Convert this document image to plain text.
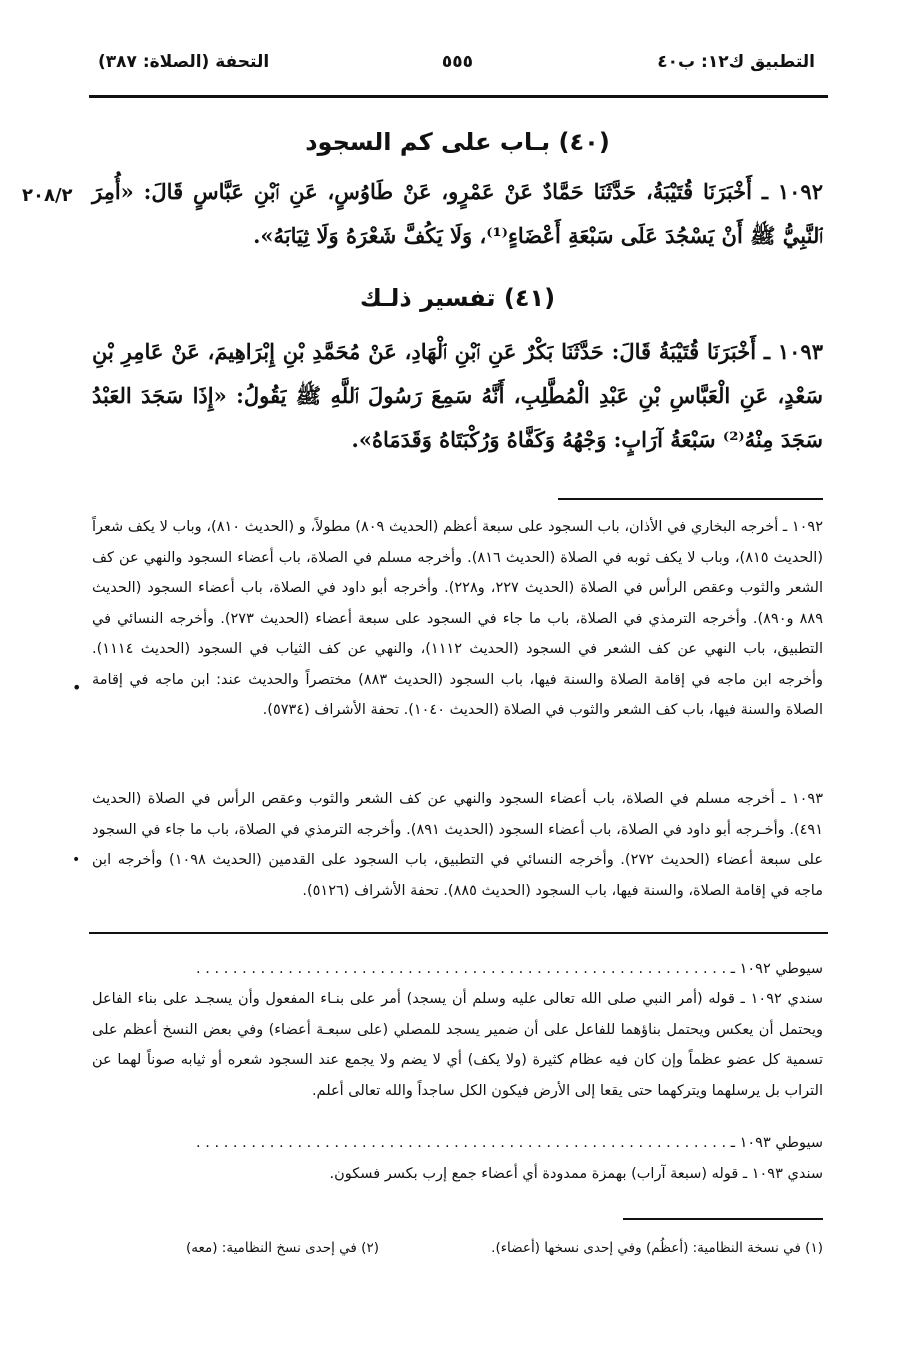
التطبيق ك١٢: ب٤٠
٥٥٥
التحفة (الصلاة: ٣٨٧)
(٤٠) بـاب على كم السجود
١٠٩٢ ـ أَخْبَرَنَا قُتَيْبَةُ، حَدَّثَنَا حَمَّادٌ عَنْ عَمْرٍو، عَنْ طَاوُسٍ، عَنِ ٱبْنِ عَبَّاسٍ قَالَ: «أُمِرَ ٱلنَّبِيُّ ﷺ أَنْ يَسْجُدَ عَلَى سَبْعَةِ أَعْضَاءٍ⁽¹⁾، وَلَا يَكُفَّ شَعْرَهُ وَلَا ثِيَابَهُ».
٢٠٨/٢
(٤١) تفسير ذلـك
١٠٩٣ ـ أَخْبَرَنَا قُتَيْبَةُ قَالَ: حَدَّثَنَا بَكْرٌ عَنِ ٱبْنِ ٱلْهَادِ، عَنْ مُحَمَّدِ بْنِ إِبْرَاهِيمَ، عَنْ عَامِرِ بْنِ سَعْدٍ، عَنِ الْعَبَّاسِ بْنِ عَبْدِ الْمُطَّلِبِ، أَنَّهُ سَمِعَ رَسُولَ ٱللَّهِ ﷺ يَقُولُ: «إِذَا سَجَدَ العَبْدُ سَجَدَ مِنْهُ⁽²⁾ سَبْعَةُ آرَابٍ: وَجْهُهُ وَكَفَّاهُ وَرُكْبَتَاهُ وَقَدَمَاهُ».
١٠٩٢ ـ أخرجه البخاري في الأذان، باب السجود على سبعة أعظم (الحديث ٨٠٩) مطولاً، و (الحديث ٨١٠)، وباب لا يكف شعراً (الحديث ٨١٥)، وباب لا يكف ثوبه في الصلاة (الحديث ٨١٦). وأخرجه مسلم في الصلاة، باب أعضاء السجود والنهي عن كف الشعر والثوب وعقص الرأس في الصلاة (الحديث ٢٢٧، و٢٢٨). وأخرجه أبو داود في الصلاة، باب أعضاء السجود (الحديث ٨٨٩ و٨٩٠). وأخرجه الترمذي في الصلاة، باب ما جاء في السجود على سبعة أعضاء (الحديث ٢٧٣). وأخرجه النسائي في التطبيق، باب النهي عن كف الشعر في السجود (الحديث ١١١٢)، والنهي عن كف الثياب في السجود (الحديث ١١١٤). وأخرجه ابن ماجه في إقامة الصلاة والسنة فيها، باب السجود (الحديث ٨٨٣) مختصراً والحديث عند: ابن ماجه في إقامة الصلاة والسنة فيها، باب كف الشعر والثوب في الصلاة (الحديث ١٠٤٠). تحفة الأشراف (٥٧٣٤).
•
١٠٩٣ ـ أخرجه مسلم في الصلاة، باب أعضاء السجود والنهي عن كف الشعر والثوب وعقص الرأس في الصلاة (الحديث ٤٩١). وأخـرجه أبو داود في الصلاة، باب أعضاء السجود (الحديث ٨٩١). وأخرجه الترمذي في الصلاة، باب ما جاء في السجود على سبعة أعضاء (الحديث ٢٧٢). وأخرجه النسائي في التطبيق، باب السجود على القدمين (الحديث ١٠٩٨) وأخرجه ابن ماجه في إقامة الصلاة، والسنة فيها، باب السجود (الحديث ٨٨٥). تحفة الأشراف (٥١٢٦).
•
سيوطي ١٠٩٢ ـ . . . . . . . . . . . . . . . . . . . . . . . . . . . . . . . . . . . . . . . . . . . . . . . . . . . . . . . . . .
سندي ١٠٩٢ ـ قوله (أمر النبي صلى الله تعالى عليه وسلم أن يسجد) أمر على بنـاء المفعول وأن يسجـد على بناء الفاعل ويحتمل أن يعكس ويحتمل بناؤهما للفاعل على أن ضمير يسجد للمصلي (على سبعـة أعضاء) وفي بعض النسخ أعظم على تسمية كل عضو عظماً وإن كان فيه عظام كثيرة (ولا يكف) أي لا يضم ولا يجمع عند السجود شعره أو ثيابه صوناً لهما عن التراب بل يرسلهما ويتركهما حتى يقعا إلى الأرض فيكون الكل ساجداً والله تعالى أعلم.
سيوطي ١٠٩٣ ـ . . . . . . . . . . . . . . . . . . . . . . . . . . . . . . . . . . . . . . . . . . . . . . . . . . . . . . . . . .
سندي ١٠٩٣ ـ قوله (سبعة آراب) بهمزة ممدودة أي أعضاء جمع إرب بكسر فسكون.
(١) في نسخة النظامية: (أعظُم) وفي إحدى نسخها (أعضاء).
(٢) في إحدى نسخ النظامية: (معه)
